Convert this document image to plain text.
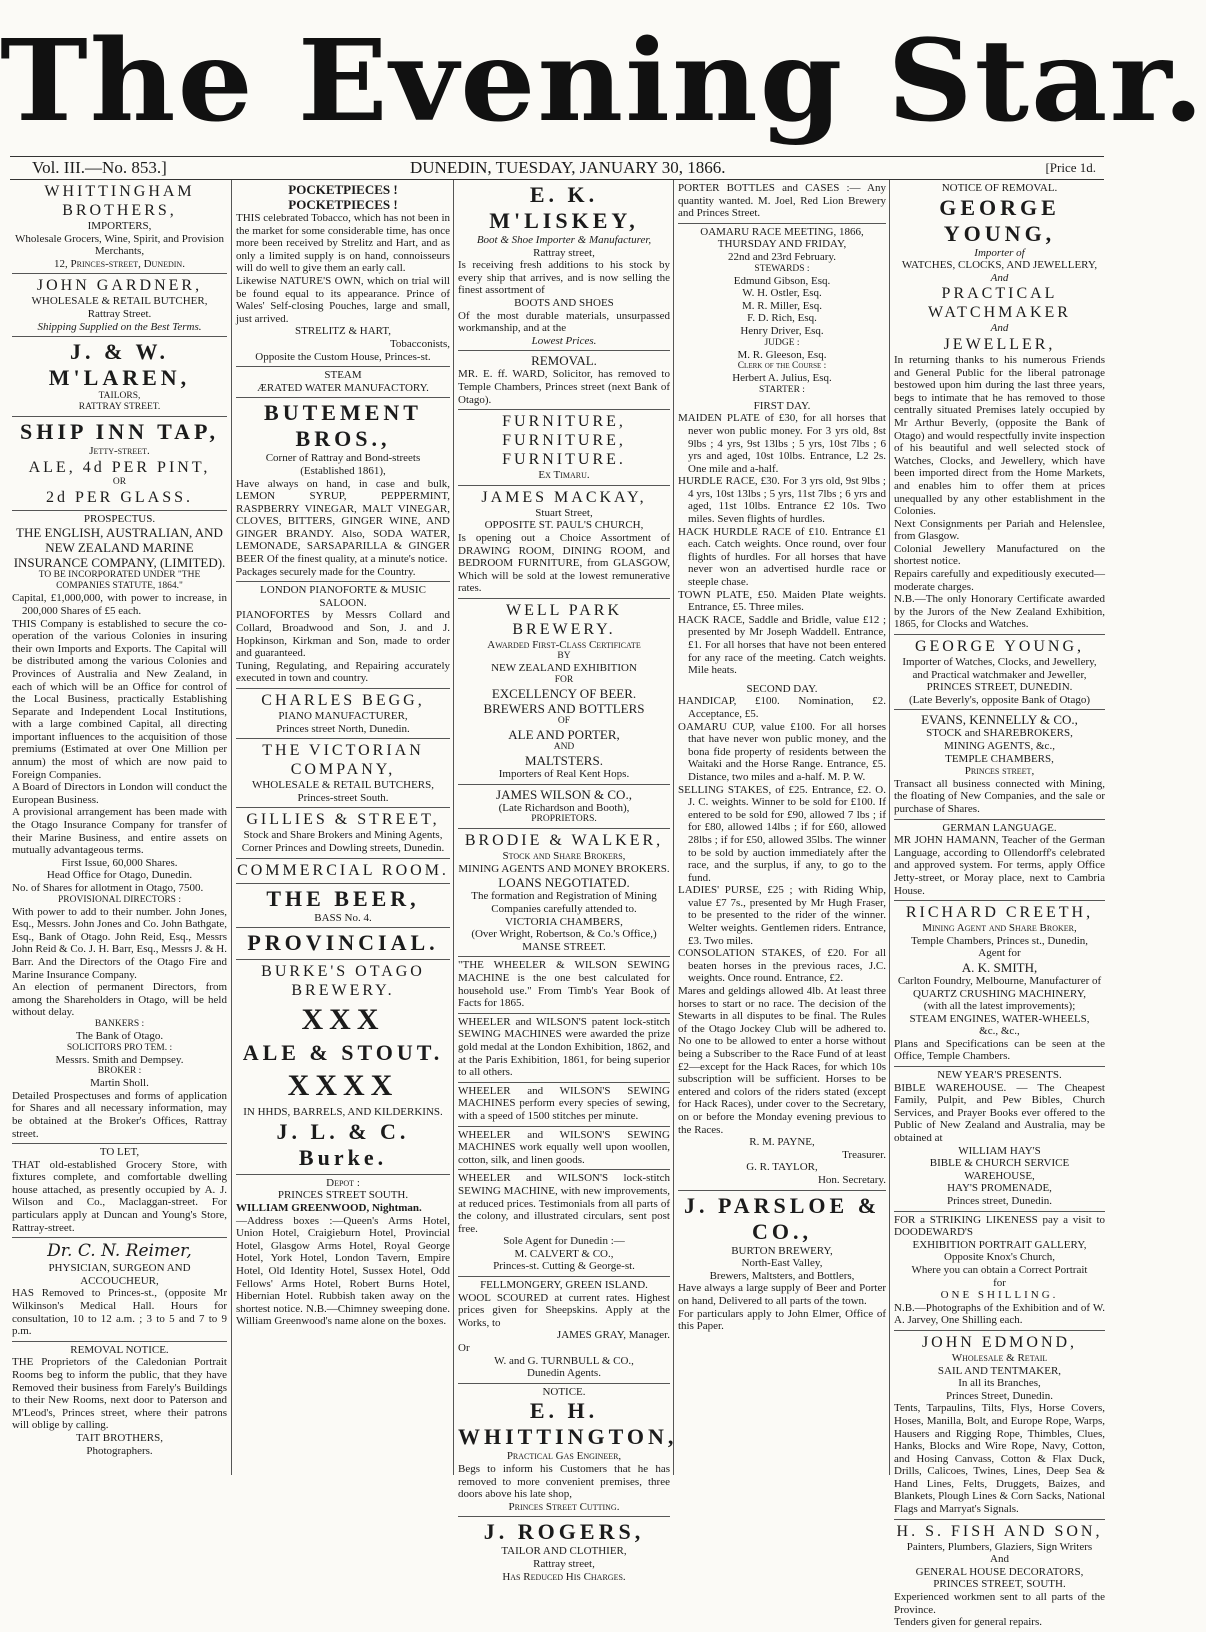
The Evening Star.
Vol. III.—No. 853.]	DUNEDIN, TUESDAY, JANUARY 30, 1866.	[Price 1d.

WHITTINGHAM BROTHERS,

IMPORTERS,

Wholesale Grocers, Wine, Spirit, and Provision Merchants,

12, Princes-street, Dunedin.

JOHN GARDNER,

WHOLESALE & RETAIL BUTCHER,

Rattray Street.

Shipping Supplied on the Best Terms.

J. & W. M'LAREN,

TAILORS,

RATTRAY STREET.

SHIP INN TAP,

Jetty-street.

ALE, 4d PER PINT,

OR

2d PER GLASS.

PROSPECTUS.

THE ENGLISH, AUSTRALIAN, AND NEW ZEALAND MARINE INSURANCE COMPANY, (LIMITED).

TO BE INCORPORATED UNDER "THE COMPANIES STATUTE, 1864."

Capital, £1,000,000, with power to increase, in 200,000 Shares of £5 each.

THIS Company is established to secure the co-operation of the various Colonies in insuring their own Imports and Exports. The Capital will be distributed among the various Colonies and Provinces of Australia and New Zealand, in each of which will be an Office for control of the Local Business, practically Establishing Separate and Independent Local Institutions, with a large combined Capital, all directing important influences to the acquisition of those premiums (Estimated at over One Million per annum) the most of which are now paid to Foreign Companies.

A Board of Directors in London will conduct the European Business.

A provisional arrangement has been made with the Otago Insurance Company for transfer of their Marine Business, and entire assets on mutually advantageous terms.

First Issue, 60,000 Shares.

Head Office for Otago, Dunedin.

No. of Shares for allotment in Otago, 7500.

PROVISIONAL DIRECTORS :

With power to add to their number. John Jones, Esq., Messrs. John Jones and Co. John Bathgate, Esq., Bank of Otago. John Reid, Esq., Messrs John Reid & Co. J. H. Barr, Esq., Messrs J. & H. Barr. And the Directors of the Otago Fire and Marine Insurance Company.

An election of permanent Directors, from among the Shareholders in Otago, will be held without delay.

BANKERS :

The Bank of Otago.

SOLICITORS PRO TEM. :

Messrs. Smith and Dempsey.

BROKER :

Martin Sholl.

Detailed Prospectuses and forms of application for Shares and all necessary information, may be obtained at the Broker's Offices, Rattray street.

TO LET,

THAT old-established Grocery Store, with fixtures complete, and comfortable dwelling house attached, as presently occupied by A. J. Wilson and Co., Maclaggan-street. For particulars apply at Duncan and Young's Store, Rattray-street.

Dr. C. N. Reimer,

PHYSICIAN, SURGEON AND ACCOUCHEUR,

HAS Removed to Princes-st., (opposite Mr Wilkinson's Medical Hall. Hours for consultation, 10 to 12 a.m. ; 3 to 5 and 7 to 9 p.m.

REMOVAL NOTICE.

THE Proprietors of the Caledonian Portrait Rooms beg to inform the public, that they have Removed their business from Farely's Buildings to their New Rooms, next door to Paterson and M'Leod's, Princes street, where their patrons will oblige by calling.

TAIT BROTHERS,

Photographers.

POCKETPIECES ! POCKETPIECES !

THIS celebrated Tobacco, which has not been in the market for some considerable time, has once more been received by Strelitz and Hart, and as only a limited supply is on hand, connoisseurs will do well to give them an early call.

Likewise NATURE'S OWN, which on trial will be found equal to its appearance. Prince of Wales' Self-closing Pouches, large and small, just arrived.

STRELITZ & HART,

Tobacconists,

Opposite the Custom House, Princes-st.

STEAM

ÆRATED WATER MANUFACTORY.

BUTEMENT BROS.,

Corner of Rattray and Bond-streets

(Established 1861),

Have always on hand, in case and bulk, LEMON SYRUP, PEPPERMINT, RASPBERRY VINEGAR, MALT VINEGAR, CLOVES, BITTERS, GINGER WINE, AND GINGER BRANDY. Also, SODA WATER, LEMONADE, SARSAPARILLA & GINGER BEER Of the finest quality, at a minute's notice.

Packages securely made for the Country.

LONDON PIANOFORTE & MUSIC SALOON.

PIANOFORTES by Messrs Collard and Collard, Broadwood and Son, J. and J. Hopkinson, Kirkman and Son, made to order and guaranteed.

Tuning, Regulating, and Repairing accurately executed in town and country.

CHARLES BEGG,

PIANO MANUFACTURER,

Princes street North, Dunedin.

THE VICTORIAN COMPANY,

WHOLESALE & RETAIL BUTCHERS,

Princes-street South.

GILLIES & STREET,

Stock and Share Brokers and Mining Agents,

Corner Princes and Dowling streets, Dunedin.

COMMERCIAL ROOM.

THE BEER,

BASS No. 4.

PROVINCIAL.

BURKE'S OTAGO BREWERY.

XXX

ALE & STOUT.

XXXX

IN HHDS, BARRELS, AND KILDERKINS.

J. L. & C. Burke.

Depot :

PRINCES STREET SOUTH.

WILLIAM GREENWOOD, Nightman.

—Address boxes :—Queen's Arms Hotel, Union Hotel, Craigieburn Hotel, Provincial Hotel, Glasgow Arms Hotel, Royal George Hotel, York Hotel, London Tavern, Empire Hotel, Old Identity Hotel, Sussex Hotel, Odd Fellows' Arms Hotel, Robert Burns Hotel, Hibernian Hotel. Rubbish taken away on the shortest notice. N.B.—Chimney sweeping done. William Greenwood's name alone on the boxes.

E. K. M'LISKEY,

Boot & Shoe Importer & Manufacturer,

Rattray street,

Is receiving fresh additions to his stock by every ship that arrives, and is now selling the finest assortment of

BOOTS AND SHOES

Of the most durable materials, unsurpassed workmanship, and at the

Lowest Prices.

REMOVAL.

MR. E. ff. WARD, Solicitor, has removed to Temple Chambers, Princes street (next Bank of Otago).

FURNITURE, FURNITURE,

FURNITURE.

Ex Timaru.

JAMES MACKAY,

Stuart Street,

OPPOSITE ST. PAUL'S CHURCH,

Is opening out a Choice Assortment of DRAWING ROOM, DINING ROOM, and BEDROOM FURNITURE, from GLASGOW, Which will be sold at the lowest remunerative rates.

WELL PARK BREWERY.

Awarded First-Class Certificate

BY

NEW ZEALAND EXHIBITION

FOR

EXCELLENCY OF BEER.

BREWERS AND BOTTLERS

OF

ALE AND PORTER,

AND

MALTSTERS.

Importers of Real Kent Hops.

JAMES WILSON & CO.,

(Late Richardson and Booth),

PROPRIETORS.

BRODIE & WALKER,

Stock and Share Brokers,

MINING AGENTS AND MONEY BROKERS.

LOANS NEGOTIATED.

The formation and Registration of Mining Companies carefully attended to.

VICTORIA CHAMBERS,

(Over Wright, Robertson, & Co.'s Office,)

MANSE STREET.

"THE WHEELER & WILSON SEWING MACHINE is the one best calculated for household use." From Timb's Year Book of Facts for 1865.

WHEELER and WILSON'S patent lock-stitch SEWING MACHINES were awarded the prize gold medal at the London Exhibition, 1862, and at the Paris Exhibition, 1861, for being superior to all others.

WHEELER and WILSON'S SEWING MACHINES perform every species of sewing, with a speed of 1500 stitches per minute.

WHEELER and WILSON'S SEWING MACHINES work equally well upon woollen, cotton, silk, and linen goods.

WHEELER and WILSON'S lock-stitch SEWING MACHINE, with new improvements, at reduced prices. Testimonials from all parts of the colony, and illustrated circulars, sent post free.

Sole Agent for Dunedin :—

M. CALVERT & CO.,

Princes-st. Cutting & George-st.

FELLMONGERY, GREEN ISLAND.

WOOL SCOURED at current rates. Highest prices given for Sheepskins. Apply at the Works, to

JAMES GRAY, Manager.

Or

W. and G. TURNBULL & CO.,

Dunedin Agents.

NOTICE.

E. H. WHITTINGTON,

Practical Gas Engineer,

Begs to inform his Customers that he has removed to more convenient premises, three doors above his late shop,

Princes Street Cutting.

J. ROGERS,

TAILOR AND CLOTHIER,

Rattray street,

Has Reduced His Charges.

PORTER BOTTLES and CASES :— Any quantity wanted. M. Joel, Red Lion Brewery and Princes Street.

OAMARU RACE MEETING, 1866,

THURSDAY AND FRIDAY,

22nd and 23rd February.

STEWARDS :

Edmund Gibson, Esq.

W. H. Ostler, Esq.

M. R. Miller, Esq.

F. D. Rich, Esq.

Henry Driver, Esq.

JUDGE :

M. R. Gleeson, Esq.

Clerk of the Course :

Herbert A. Julius, Esq.

STARTER :

FIRST DAY.

MAIDEN PLATE of £30, for all horses that never won public money. For 3 yrs old, 8st 9lbs ; 4 yrs, 9st 13lbs ; 5 yrs, 10st 7lbs ; 6 yrs and aged, 10st 10lbs. Entrance, L2 2s. One mile and a-half.

HURDLE RACE, £30. For 3 yrs old, 9st 9lbs ; 4 yrs, 10st 13lbs ; 5 yrs, 11st 7lbs ; 6 yrs and aged, 11st 10lbs. Entrance £2 10s. Two miles. Seven flights of hurdles.

HACK HURDLE RACE of £10. Entrance £1 each. Catch weights. Once round, over four flights of hurdles. For all horses that have never won an advertised hurdle race or steeple chase.

TOWN PLATE, £50. Maiden Plate weights. Entrance, £5. Three miles.

HACK RACE, Saddle and Bridle, value £12 ; presented by Mr Joseph Waddell. Entrance, £1. For all horses that have not been entered for any race of the meeting. Catch weights. Mile heats.

SECOND DAY.

HANDICAP, £100. Nomination, £2. Acceptance, £5.

OAMARU CUP, value £100. For all horses that have never won public money, and the bona fide property of residents between the Waitaki and the Horse Range. Entrance, £5. Distance, two miles and a-half. M. P. W.

SELLING STAKES, of £25. Entrance, £2. O. J. C. weights. Winner to be sold for £100. If entered to be sold for £90, allowed 7 lbs ; if for £80, allowed 14lbs ; if for £60, allowed 28lbs ; if for £50, allowed 35lbs. The winner to be sold by auction immediately after the race, and the surplus, if any, to go to the fund.

LADIES' PURSE, £25 ; with Riding Whip, value £7 7s., presented by Mr Hugh Fraser, to be presented to the rider of the winner. Welter weights. Gentlemen riders. Entrance, £3. Two miles.

CONSOLATION STAKES, of £20. For all beaten horses in the previous races, J.C. weights. Once round. Entrance, £2.

Mares and geldings allowed 4lb. At least three horses to start or no race. The decision of the Stewarts in all disputes to be final. The Rules of the Otago Jockey Club will be adhered to. No one to be allowed to enter a horse without being a Subscriber to the Race Fund of at least £2—except for the Hack Races, for which 10s subscription will be sufficient. Horses to be entered and colors of the riders stated (except for Hack Races), under cover to the Secretary, on or before the Monday evening previous to the Races.

R. M. PAYNE,

Treasurer.

G. R. TAYLOR,

Hon. Secretary.

J. PARSLOE & CO.,

BURTON BREWERY,

North-East Valley,

Brewers, Maltsters, and Bottlers,

Have always a large supply of Beer and Porter on hand, Delivered to all parts of the town.

For particulars apply to John Elmer, Office of this Paper.

NOTICE OF REMOVAL.

GEORGE YOUNG,

Importer of

WATCHES, CLOCKS, AND JEWELLERY,

And

PRACTICAL WATCHMAKER

And

JEWELLER,

In returning thanks to his numerous Friends and General Public for the liberal patronage bestowed upon him during the last three years, begs to intimate that he has removed to those centrally situated Premises lately occupied by Mr Arthur Beverly, (opposite the Bank of Otago) and would respectfully invite inspection of his beautiful and well selected stock of Watches, Clocks, and Jewellery, which have been imported direct from the Home Markets, and enables him to offer them at prices unequalled by any other establishment in the Colonies.

Next Consignments per Pariah and Helenslee, from Glasgow.

Colonial Jewellery Manufactured on the shortest notice.

Repairs carefully and expeditiously executed—moderate charges.

N.B.—The only Honorary Certificate awarded by the Jurors of the New Zealand Exhibition, 1865, for Clocks and Watches.

GEORGE YOUNG,

Importer of Watches, Clocks, and Jewellery, and Practical watchmaker and Jeweller,

PRINCES STREET, DUNEDIN.

(Late Beverly's, opposite Bank of Otago)

EVANS, KENNELLY & CO.,

STOCK and SHAREBROKERS,

MINING AGENTS, &c.,

TEMPLE CHAMBERS,

Princes street,

Transact all business connected with Mining, the floating of New Companies, and the sale or purchase of Shares.

GERMAN LANGUAGE.

MR JOHN HAMANN, Teacher of the German Language, according to Ollendorff's celebrated and approved system. For terms, apply Office Jetty-street, or Moray place, next to Cambria House.

RICHARD CREETH,

Mining Agent and Share Broker,

Temple Chambers, Princes st., Dunedin,

Agent for

A. K. SMITH,

Carlton Foundry, Melbourne, Manufacturer of

QUARTZ CRUSHING MACHINERY,

(with all the latest improvements);

STEAM ENGINES, WATER-WHEELS,

&c., &c.,

Plans and Specifications can be seen at the Office, Temple Chambers.

NEW YEAR'S PRESENTS.

BIBLE WAREHOUSE. — The Cheapest Family, Pulpit, and Pew Bibles, Church Services, and Prayer Books ever offered to the Public of New Zealand and Australia, may be obtained at

WILLIAM HAY'S

BIBLE & CHURCH SERVICE WAREHOUSE,

HAY'S PROMENADE,

Princes street, Dunedin.

FOR a STRIKING LIKENESS pay a visit to DOODEWARD'S

EXHIBITION PORTRAIT GALLERY,

Opposite Knox's Church,

Where you can obtain a Correct Portrait

for

ONE SHILLING.

N.B.—Photographs of the Exhibition and of W. A. Jarvey, One Shilling each.

JOHN EDMOND,

Wholesale & Retail

SAIL AND TENTMAKER,

In all its Branches,

Princes Street, Dunedin.

Tents, Tarpaulins, Tilts, Flys, Horse Covers, Hoses, Manilla, Bolt, and Europe Rope, Warps, Hausers and Rigging Rope, Thimbles, Clues, Hanks, Blocks and Wire Rope, Navy, Cotton, and Hosing Canvass, Cotton & Flax Duck, Drills, Calicoes, Twines, Lines, Deep Sea & Hand Lines, Felts, Druggets, Baizes, and Blankets, Plough Lines & Corn Sacks, National Flags and Marryat's Signals.

H. S. FISH AND SON,

Painters, Plumbers, Glaziers, Sign Writers

And

GENERAL HOUSE DECORATORS,

PRINCES STREET, SOUTH.

Experienced workmen sent to all parts of the Province.

Tenders given for general repairs.
